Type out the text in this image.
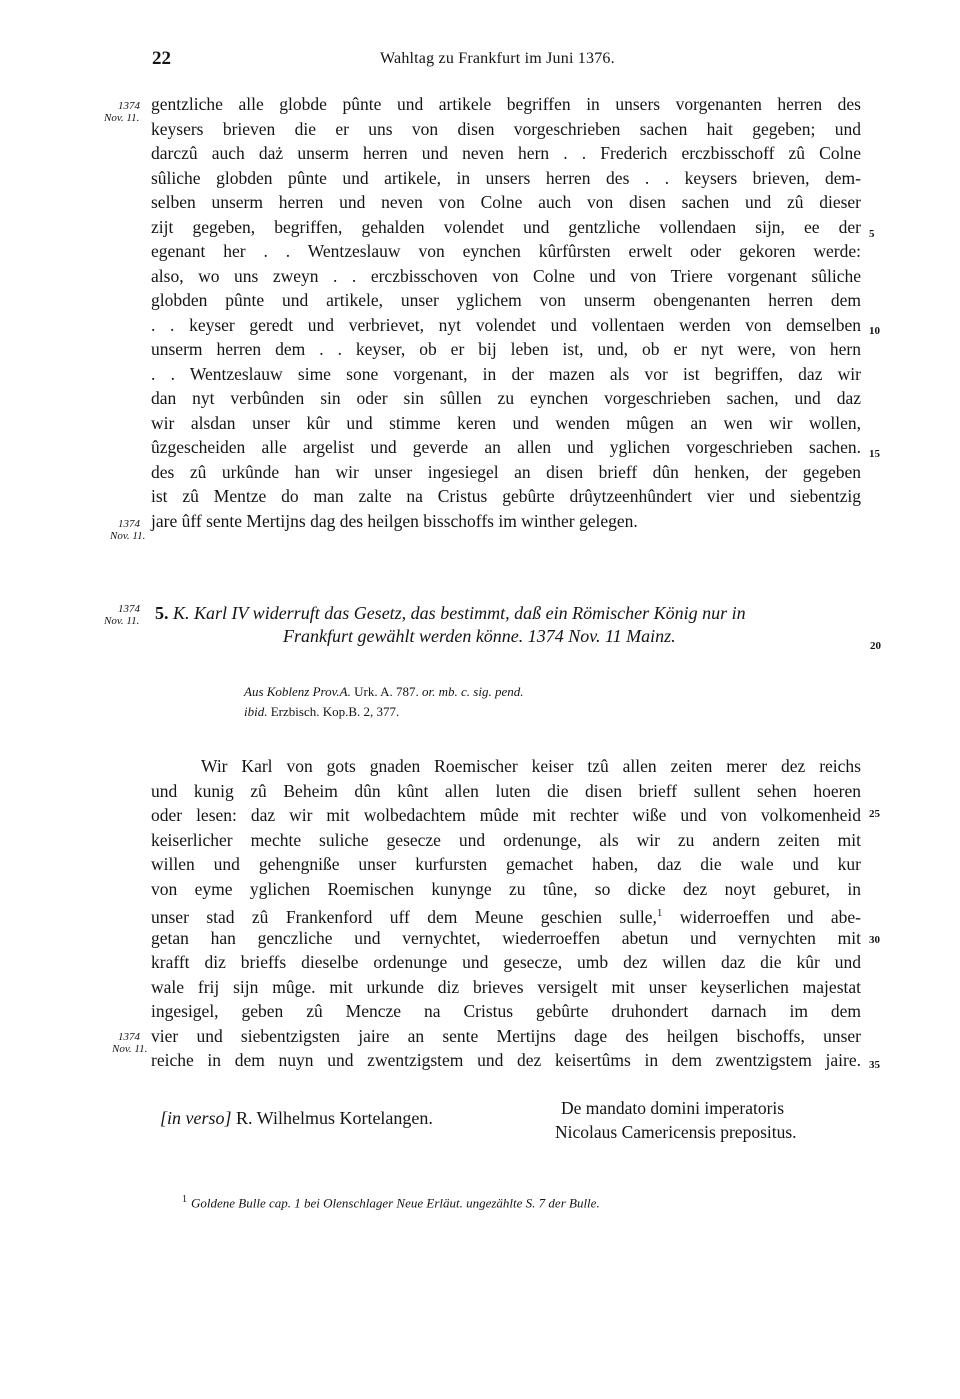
22	Wahltag zu Frankfurt im Juni 1376.
1374
Nov. 11.
1374
Nov. 11.
5
10
15
gentzliche alle globde pûnte und artikele begriffen in unsers vorgenanten herren des
keysers brieven die er uns von disen vorgeschrieben sachen hait gegeben; und
darczû auch daż unserm herren und neven hern . . Frederich erczbisschoff zû Colne
sûliche globden pûnte und artikele, in unsers herren des . . keysers brieven, dem-
selben unserm herren und neven von Colne auch von disen sachen und zû dieser
zijt gegeben, begriffen, gehalden volendet und gentzliche vollendaen sijn, ee der
egenant her . . Wentzeslauw von eynchen kûrfûrsten erwelt oder gekoren werde:
also, wo uns zweyn . . erczbisschoven von Colne und von Triere vorgenant sûliche
globden pûnte und artikele, unser yglichem von unserm obengenanten herren dem
. . keyser geredt und verbrievet, nyt volendet und vollentaen werden von demselben
unserm herren dem . . keyser, ob er bij leben ist, und, ob er nyt were, von hern
. . Wentzeslauw sime sone vorgenant, in der mazen als vor ist begriffen, daz wir
dan nyt verbûnden sin oder sin sûllen zu eynchen vorgeschrieben sachen, und daz
wir alsdan unser kûr und stimme keren und wenden mûgen an wen wir wollen,
ûzgescheiden alle argelist und geverde an allen und yglichen vorgeschrieben sachen.
des zû urkûnde han wir unser ingesiegel an disen brieff dûn henken, der gegeben
ist zû Mentze do man zalte na Cristus gebûrte drûytzeenhûndert vier und siebentzig
jare ûff sente Mertijns dag des heilgen bisschoffs im winther gelegen.
1374
Nov. 11. 5. K. Karl IV widerruft das Gesetz, das bestimmt, daß ein Römischer König nur in
Frankfurt gewählt werden könne. 1374 Nov. 11 Mainz.	20
Aus Koblenz Prov.A. Urk. A. 787. or. mb. c. sig. pend.
ibid. Erzbisch. Kop.B. 2, 377.
Wir Karl von gots gnaden Roemischer keiser tzû allen zeiten merer dez reichs
und kunig zû Beheim dûn kûnt allen luten die disen brieff sullent sehen hoeren
oder lesen: daz wir mit wolbedachtem mûde mit rechter wiße und von volkomenheid
keiserlicher mechte suliche gesecze und ordenunge, als wir zu andern zeiten mit
willen und gehengniße unser kurfursten gemachet haben, daz die wale und kur
von eyme yglichen Roemischen kunynge zu tûne, so dicke dez noyt geburet, in
unser stad zû Frankenford uff dem Meune geschien sulle,$^1$ widerroeffen und abe-
getan han genczliche und vernychtet, wiederroeffen abetun und vernychten mit
krafft diz brieffs dieselbe ordenunge und gesecze, umb dez willen daz die kûr und
wale frij sijn mûge. mit urkunde diz brieves versigelt mit unser keyserlichen majestat
ingesigel, geben zû Mencze na Cristus gebûrte druhondert darnach im dem
vier und siebentzigsten jaire an sente Mertijns dage des heilgen bischoffs, unser
reiche in dem nuyn und zwentzigstem und dez keisertûms in dem zwentzigstem jaire.
1374
Nov. 11.
25
30
35
[in verso] R. Wilhelmus Kortelangen.	De mandato domini imperatoris
Nicolaus Camericensis prepositus.
$^1$ Goldene Bulle cap. 1 bei Olenschlager Neue Erläut. ungezählte S. 7 der Bulle.
